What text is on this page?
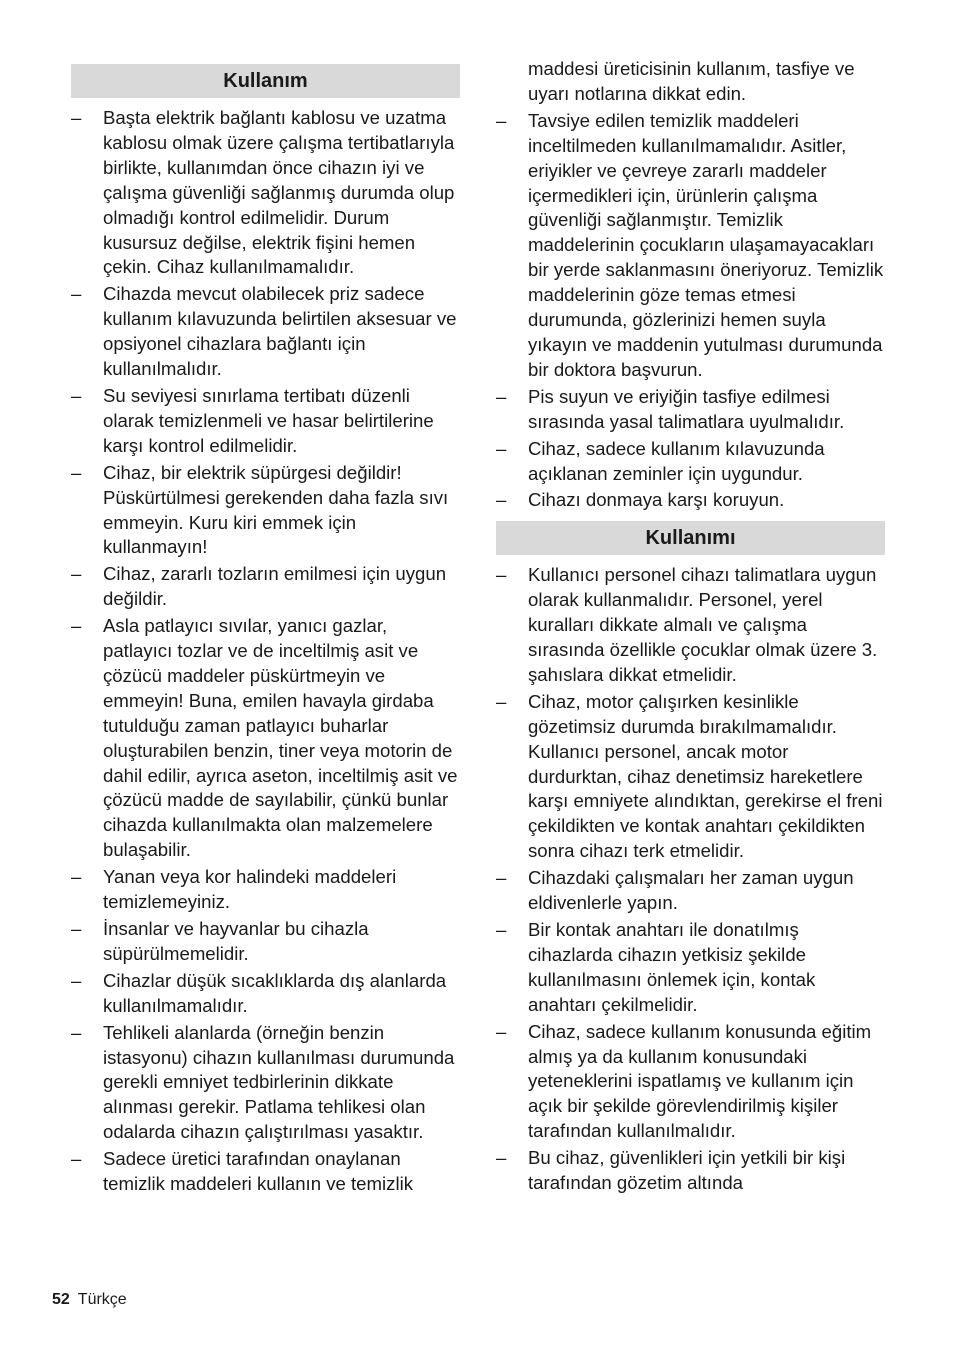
Kullanım
–	Başta elektrik bağlantı kablosu ve uzatma kablosu olmak üzere çalışma tertibatlarıyla birlikte, kullanımdan önce cihazın iyi ve çalışma güvenliği sağlanmış durumda olup olmadığı kontrol edilmelidir. Durum kusursuz değilse, elektrik fişini hemen çekin. Cihaz kullanılmamalıdır.
–	Cihazda mevcut olabilecek priz sadece kullanım kılavuzunda belirtilen aksesuar ve opsiyonel cihazlara bağlantı için kullanılmalıdır.
–	Su seviyesi sınırlama tertibatı düzenli olarak temizlenmeli ve hasar belirtilerine karşı kontrol edilmelidir.
–	Cihaz, bir elektrik süpürgesi değildir! Püskürtülmesi gerekenden daha fazla sıvı emmeyin. Kuru kiri emmek için kullanmayın!
–	Cihaz, zararlı tozların emilmesi için uygun değildir.
–	Asla patlayıcı sıvılar, yanıcı gazlar, patlayıcı tozlar ve de inceltilmiş asit ve çözücü maddeler püskürtmeyin ve emmeyin! Buna, emilen havayla girdaba tutulduğu zaman patlayıcı buharlar oluşturabilen benzin, tiner veya motorin de dahil edilir, ayrıca aseton, inceltilmiş asit ve çözücü madde de sayılabilir, çünkü bunlar cihazda kullanılmakta olan malzemelere bulaşabilir.
–	Yanan veya kor halindeki maddeleri temizlemeyiniz.
–	İnsanlar ve hayvanlar bu cihazla süpürülmemelidir.
–	Cihazlar düşük sıcaklıklarda dış alanlarda kullanılmamalıdır.
–	Tehlikeli alanlarda (örneğin benzin istasyonu) cihazın kullanılması durumunda gerekli emniyet tedbirlerinin dikkate alınması gerekir. Patlama tehlikesi olan odalarda cihazın çalıştırılması yasaktır.
–	Sadece üretici tarafından onaylanan temizlik maddeleri kullanın ve temizlik
maddesi üreticisinin kullanım, tasfiye ve uyarı notlarına dikkat edin.
–	Tavsiye edilen temizlik maddeleri inceltilmeden kullanılmamalıdır. Asitler, eriyikler ve çevreye zararlı maddeler içermedikleri için, ürünlerin çalışma güvenliği sağlanmıştır. Temizlik maddelerinin çocukların ulaşamayacakları bir yerde saklanmasını öneriyoruz. Temizlik maddelerinin göze temas etmesi durumunda, gözlerinizi hemen suyla yıkayın ve maddenin yutulması durumunda bir doktora başvurun.
–	Pis suyun ve eriyiğin tasfiye edilmesi sırasında yasal talimatlara uyulmalıdır.
–	Cihaz, sadece kullanım kılavuzunda açıklanan zeminler için uygundur.
–	Cihazı donmaya karşı koruyun.
Kullanımı
–	Kullanıcı personel cihazı talimatlara uygun olarak kullanmalıdır. Personel, yerel kuralları dikkate almalı ve çalışma sırasında özellikle çocuklar olmak üzere 3. şahıslara dikkat etmelidir.
–	Cihaz, motor çalışırken kesinlikle gözetimsiz durumda bırakılmamalıdır. Kullanıcı personel, ancak motor durdurktan, cihaz denetimsiz hareketlere karşı emniyete alındıktan, gerekirse el freni çekildikten ve kontak anahtarı çekildikten sonra cihazı terk etmelidir.
–	Cihazdaki çalışmaları her zaman uygun eldivenlerle yapın.
–	Bir kontak anahtarı ile donatılmış cihazlarda cihazın yetkisiz şekilde kullanılmasını önlemek için, kontak anahtarı çekilmelidir.
–	Cihaz, sadece kullanım konusunda eğitim almış ya da kullanım konusundaki yeteneklerini ispatlamış ve kullanım için açık bir şekilde görevlendirilmiş kişiler tarafından kullanılmalıdır.
–	Bu cihaz, güvenlikleri için yetkili bir kişi tarafından gözetim altında
52 Türkçe
